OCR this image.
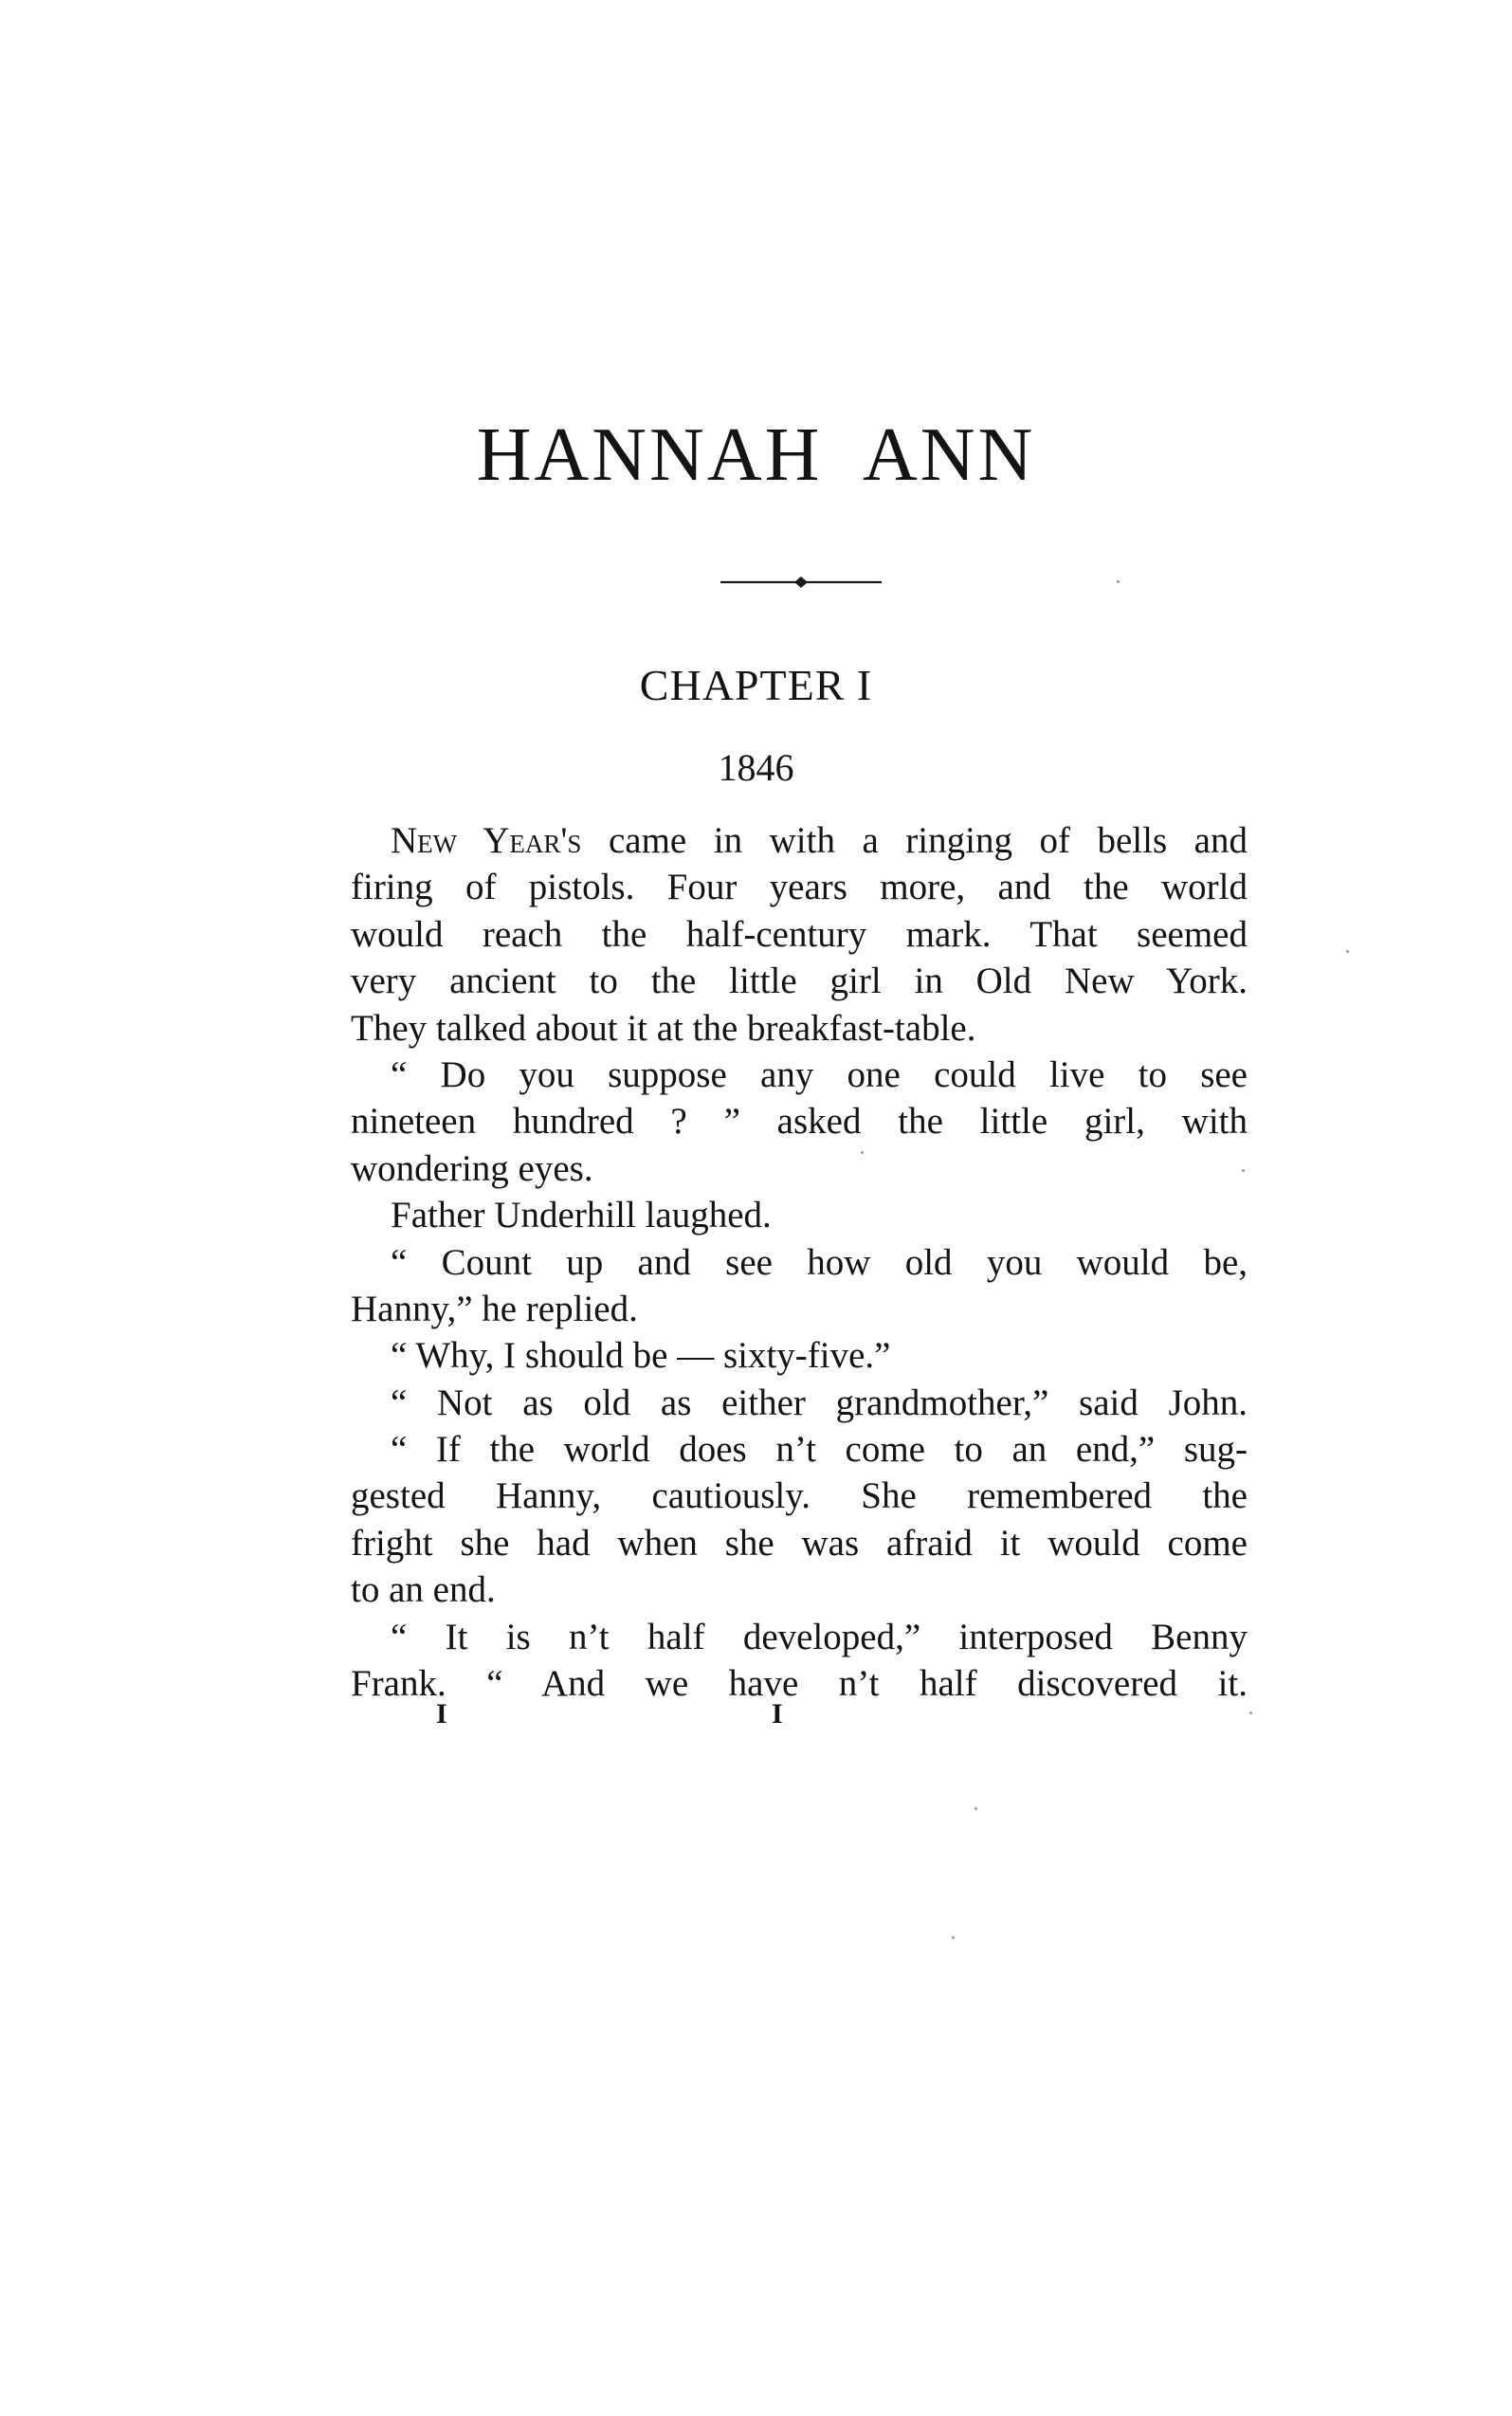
HANNAH ANN
CHAPTER I
1846
New Year's came in with a ringing of bells and
firing of pistols. Four years more, and the world
would reach the half-century mark. That seemed
very ancient to the little girl in Old New York.
They talked about it at the breakfast-table.
“ Do you suppose any one could live to see
nineteen hundred ? ” asked the little girl, with
wondering eyes.
Father Underhill laughed.
“ Count up and see how old you would be,
Hanny,” he replied.
“ Why, I should be — sixty-five.”
“ Not as old as either grandmother,” said John.
“ If the world does n’t come to an end,” sug-
gested Hanny, cautiously. She remembered the
fright she had when she was afraid it would come
to an end.
“ It is n’t half developed,” interposed Benny
Frank. “ And we have n’t half discovered it.
I	I
